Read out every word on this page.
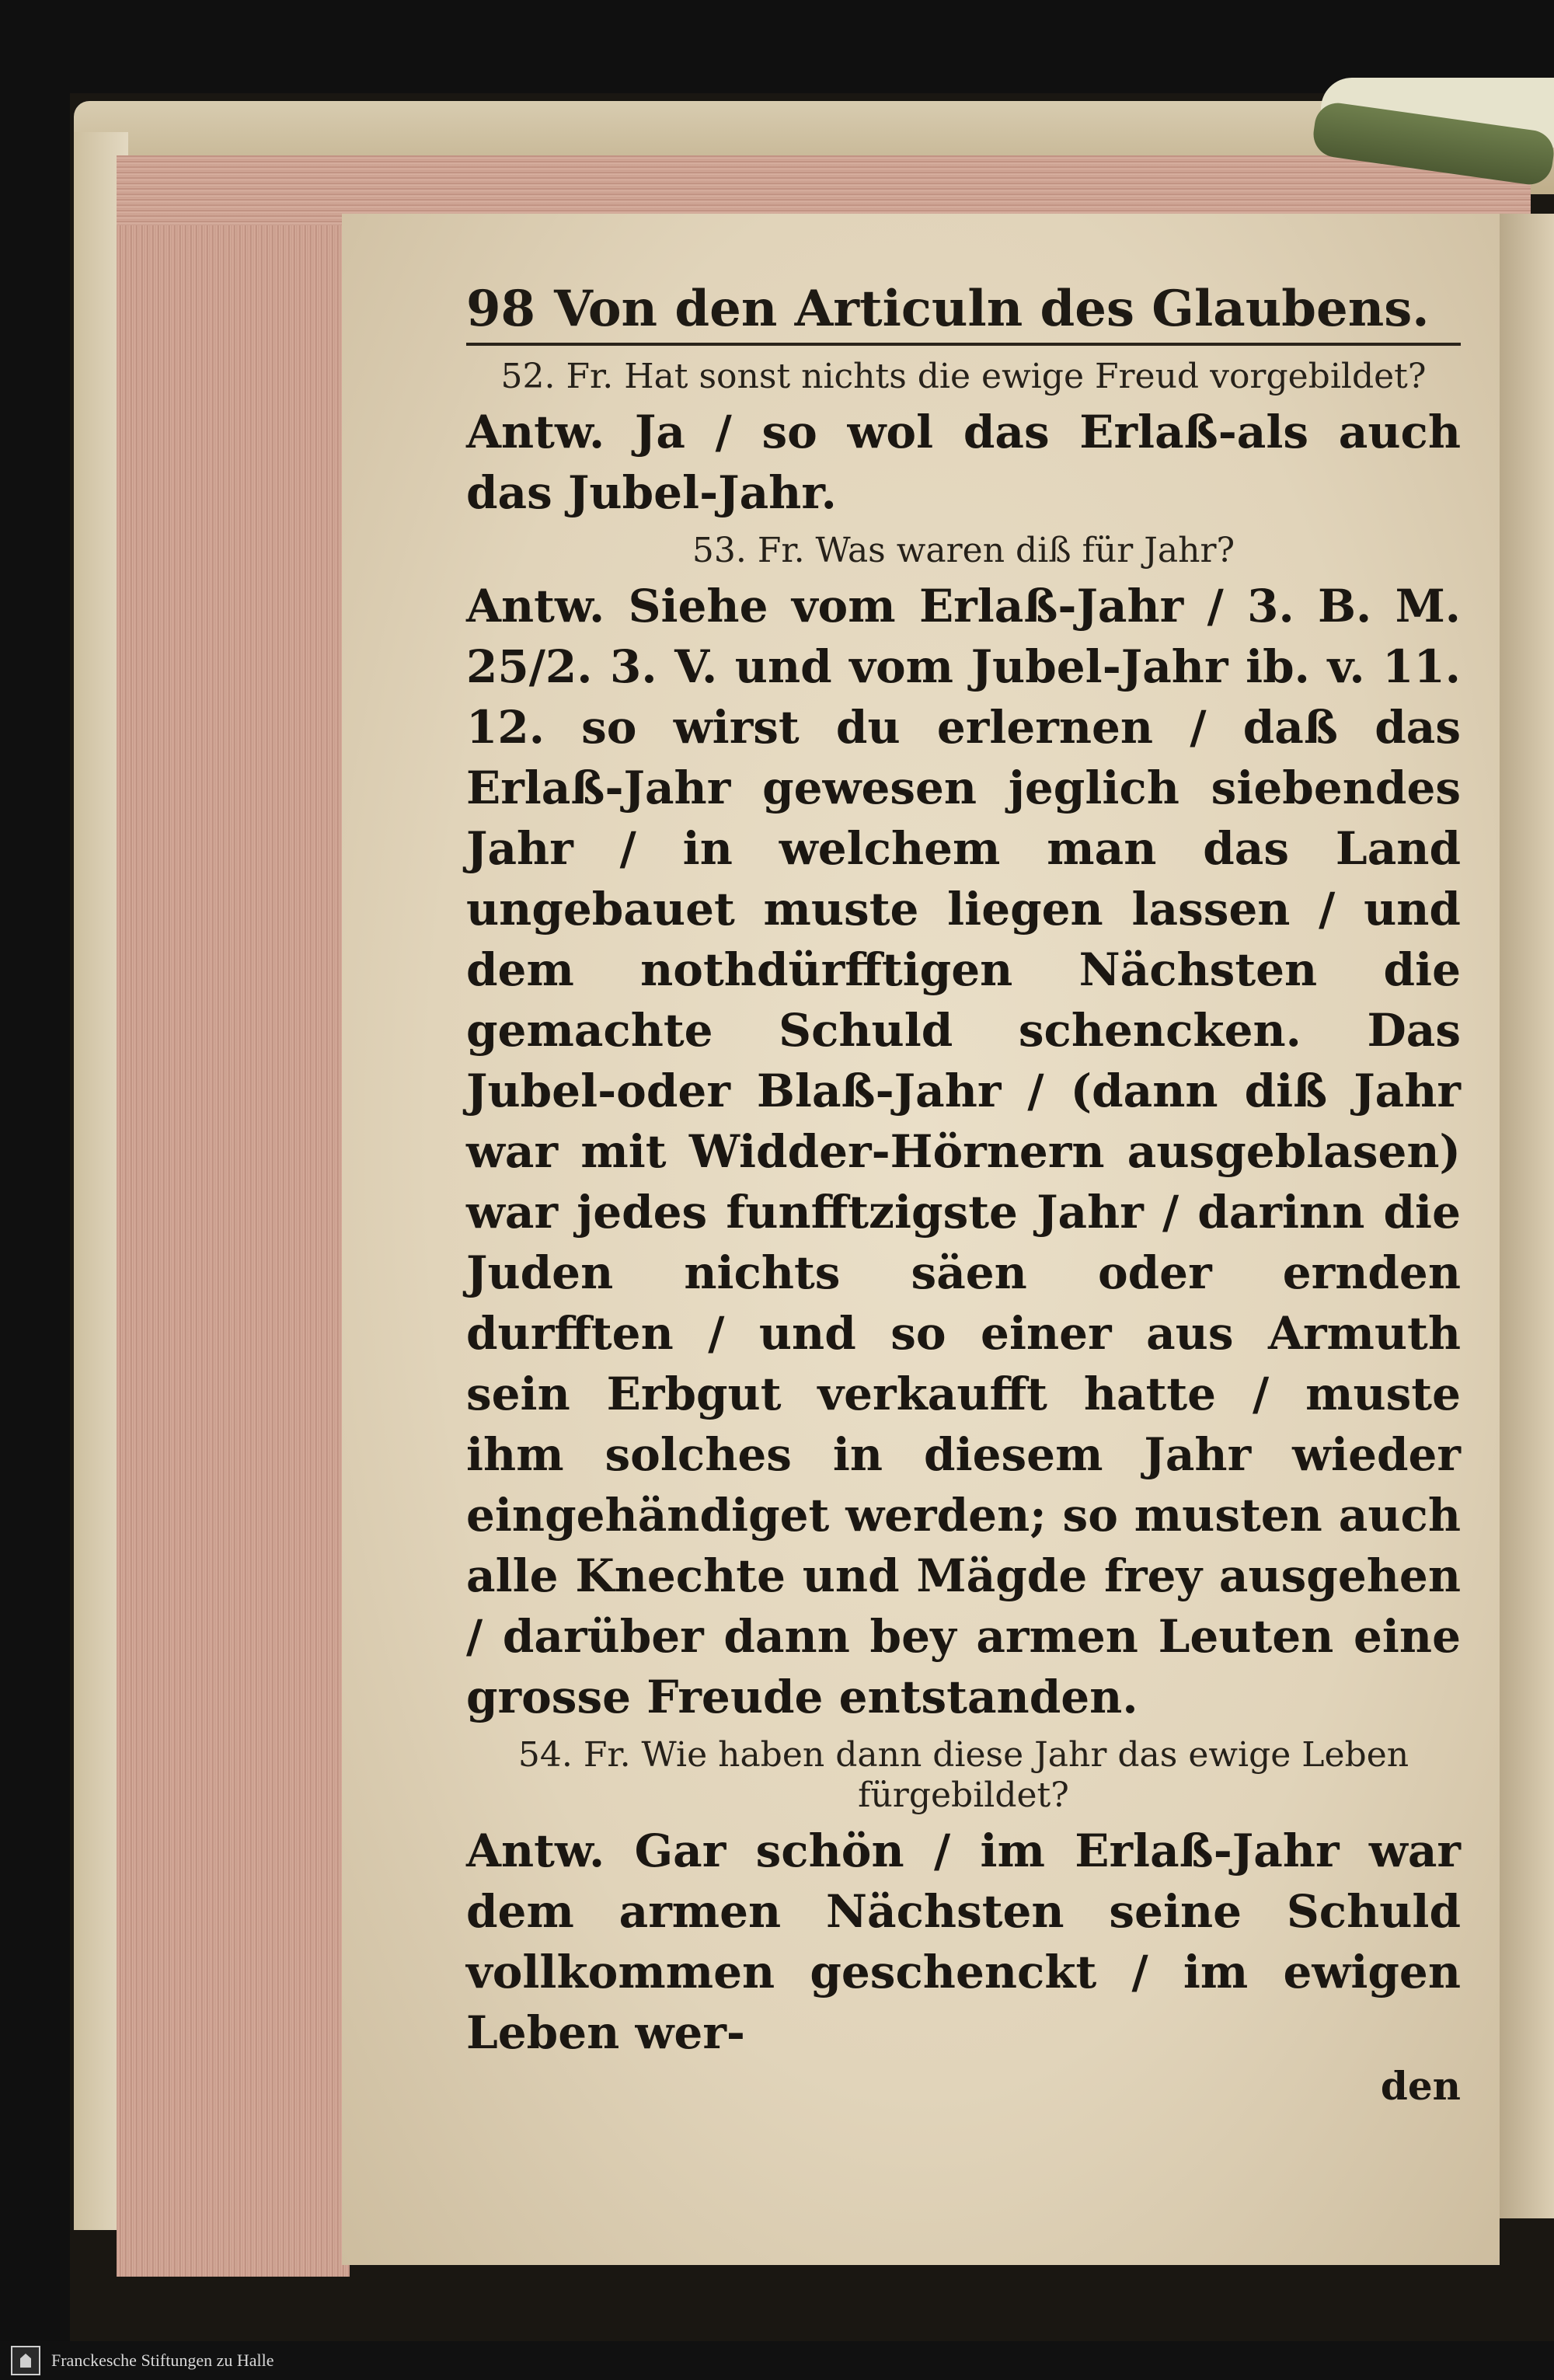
98 Von den Articuln des Glaubens.

52. Fr. Hat sonst nichts die ewige Freud vorgebildet?

Antw. Ja / so wol das Erlaß-als auch das Jubel-Jahr.

53. Fr. Was waren diß für Jahr?

Antw. Siehe vom Erlaß-Jahr / 3. B. M. 25/2. 3. V. und vom Jubel-Jahr ib. v. 11. 12. so wirst du erlernen / daß das Erlaß-Jahr gewesen jeglich siebendes Jahr / in welchem man das Land ungebauet muste liegen lassen / und dem nothdürfftigen Nächsten die gemachte Schuld schencken. Das Jubel-oder Blaß-Jahr / (dann diß Jahr war mit Widder-Hörnern ausgeblasen) war jedes funfftzigste Jahr / darinn die Juden nichts säen oder ernden durfften / und so einer aus Armuth sein Erbgut verkaufft hatte / muste ihm solches in diesem Jahr wieder eingehändiget werden; so musten auch alle Knechte und Mägde frey ausgehen / darüber dann bey armen Leuten eine grosse Freude entstanden.

54. Fr. Wie haben dann diese Jahr das ewige Leben fürgebildet?

Antw. Gar schön / im Erlaß-Jahr war dem armen Nächsten seine Schuld vollkommen geschenckt / im ewigen Leben wer-

den
Franckesche Stiftungen zu Halle
